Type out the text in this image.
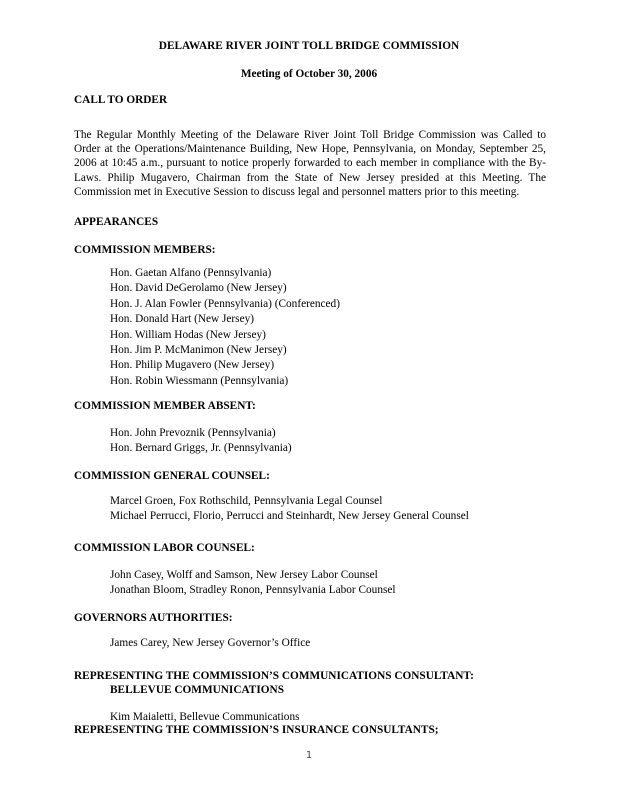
DELAWARE RIVER JOINT TOLL BRIDGE COMMISSION
Meeting of October 30, 2006
CALL TO ORDER
The Regular Monthly Meeting of the Delaware River Joint Toll Bridge Commission was Called to Order at the Operations/Maintenance Building, New Hope, Pennsylvania, on Monday, September 25, 2006 at 10:45 a.m., pursuant to notice properly forwarded to each member in compliance with the By-Laws. Philip Mugavero, Chairman from the State of New Jersey presided at this Meeting. The Commission met in Executive Session to discuss legal and personnel matters prior to this meeting.
APPEARANCES
COMMISSION MEMBERS:
Hon. Gaetan Alfano (Pennsylvania)
Hon. David DeGerolamo (New Jersey)
Hon. J. Alan Fowler (Pennsylvania) (Conferenced)
Hon. Donald Hart (New Jersey)
Hon. William Hodas (New Jersey)
Hon. Jim P. McManimon (New Jersey)
Hon. Philip Mugavero (New Jersey)
Hon. Robin Wiessmann (Pennsylvania)
COMMISSION MEMBER ABSENT:
Hon. John Prevoznik (Pennsylvania)
Hon. Bernard Griggs, Jr. (Pennsylvania)
COMMISSION GENERAL COUNSEL:
Marcel Groen, Fox Rothschild, Pennsylvania Legal Counsel
Michael Perrucci, Florio, Perrucci and Steinhardt, New Jersey General Counsel
COMMISSION LABOR COUNSEL:
John Casey, Wolff and Samson, New Jersey Labor Counsel
Jonathan Bloom, Stradley Ronon, Pennsylvania Labor Counsel
GOVERNORS AUTHORITIES:
James Carey, New Jersey Governor’s Office
REPRESENTING THE COMMISSION’S COMMUNICATIONS CONSULTANT:
BELLEVUE COMMUNICATIONS
Kim Maialetti, Bellevue Communications
REPRESENTING THE COMMISSION’S INSURANCE CONSULTANTS;
1
